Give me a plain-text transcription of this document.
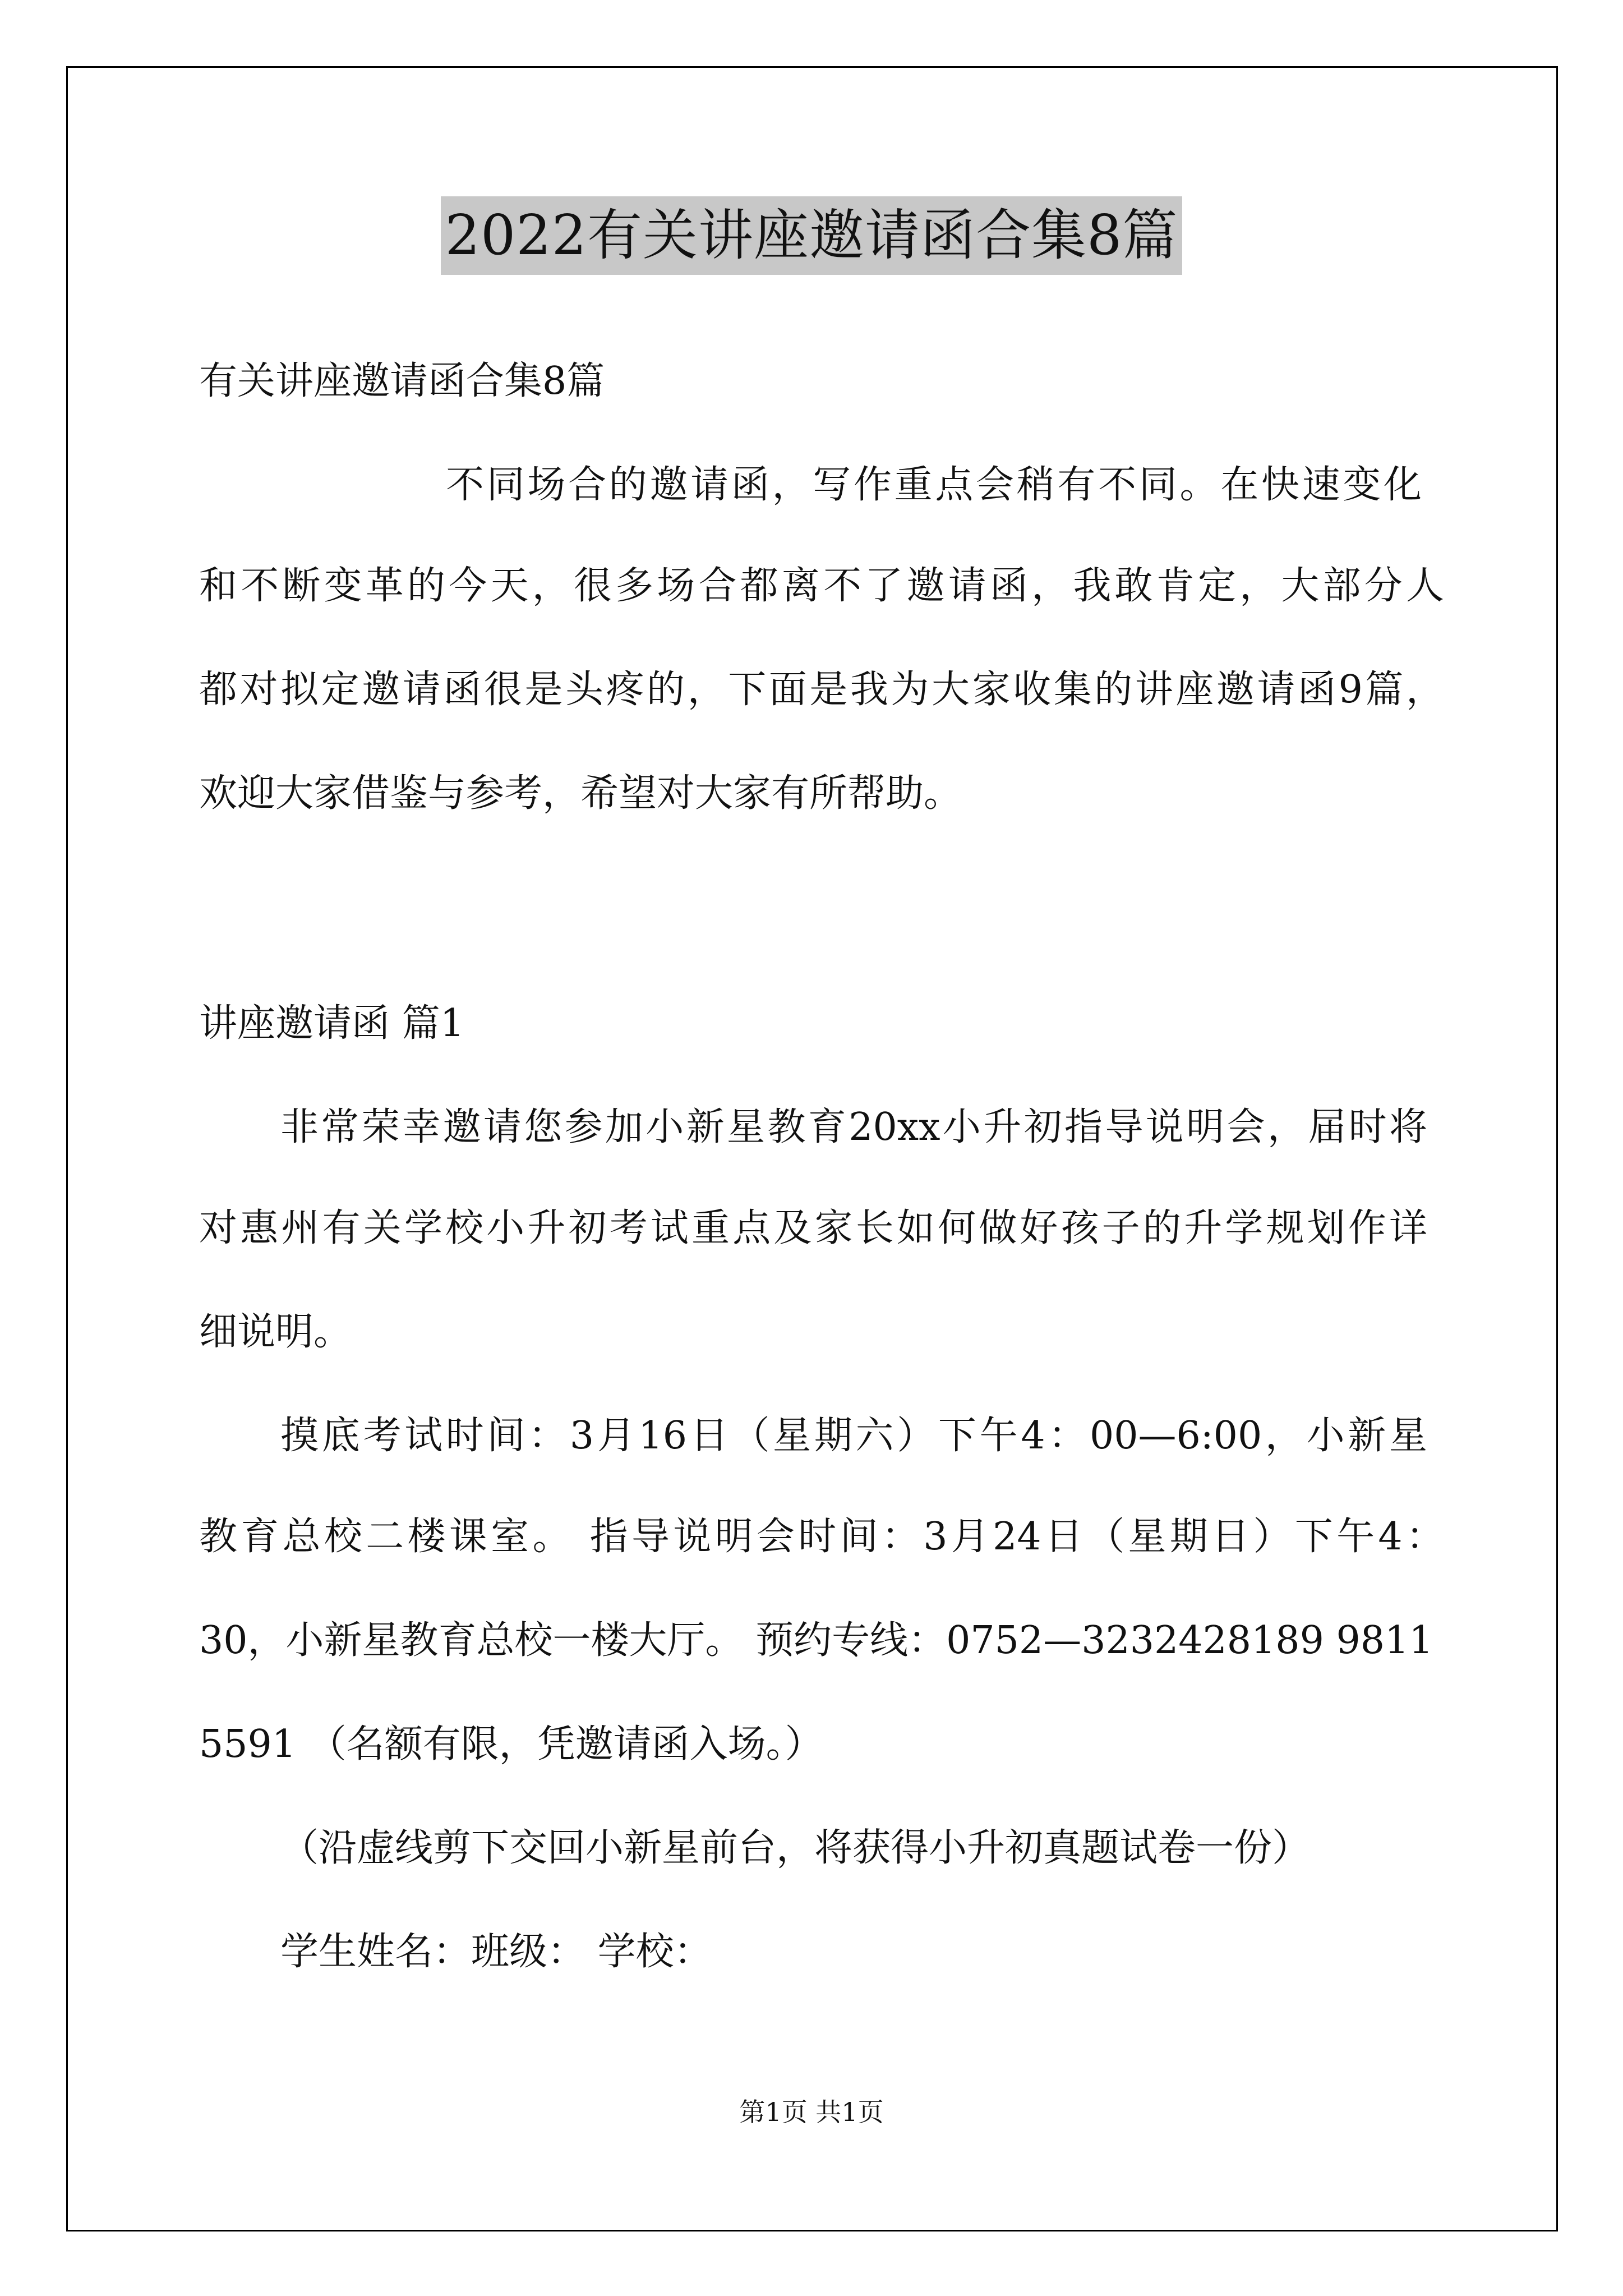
2022有关讲座邀请函合集8篇
有关讲座邀请函合集8篇
不同场合的邀请函，写作重点会稍有不同。在快速变化
和不断变革的今天，很多场合都离不了邀请函，我敢肯定，大部分人
都对拟定邀请函很是头疼的，下面是我为大家收集的讲座邀请函9篇，
欢迎大家借鉴与参考，希望对大家有所帮助。
讲座邀请函 篇1
非常荣幸邀请您参加小新星教育20xx小升初指导说明会，届时将
对惠州有关学校小升初考试重点及家长如何做好孩子的升学规划作详
细说明。
摸底考试时间：3月16日（星期六）下午4：00—6:00，小新星
教育总校二楼课室。 指导说明会时间：3月24日（星期日）下午4：
30，小新星教育总校一楼大厅。 预约专线：0752—3232428189 9811
5591 （名额有限，凭邀请函入场。）
（沿虚线剪下交回小新星前台，将获得小升初真题试卷一份）
学生姓名：班级： 学校：
第1页 共1页
